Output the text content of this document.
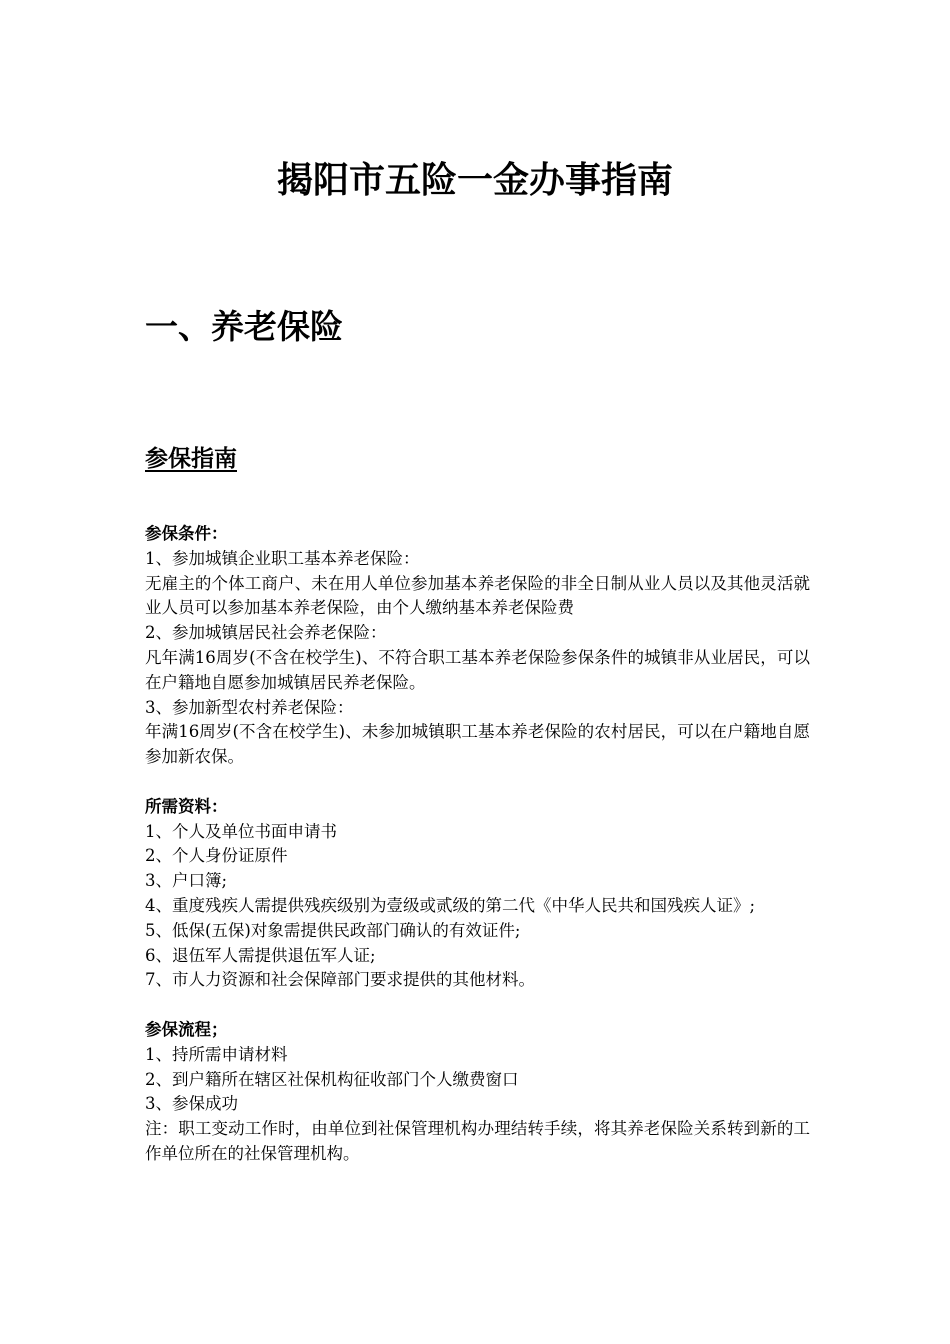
揭阳市五险一金办事指南
一、养老保险
参保指南

参保条件：

1、参加城镇企业职工基本养老保险：

无雇主的个体工商户、未在用人单位参加基本养老保险的非全日制从业人员以及其他灵活就业人员可以参加基本养老保险，由个人缴纳基本养老保险费

2、参加城镇居民社会养老保险：

凡年满16周岁(不含在校学生)、不符合职工基本养老保险参保条件的城镇非从业居民，可以在户籍地自愿参加城镇居民养老保险。

3、参加新型农村养老保险：

年满16周岁(不含在校学生)、未参加城镇职工基本养老保险的农村居民，可以在户籍地自愿参加新农保。

所需资料：

1、个人及单位书面申请书

2、个人身份证原件

3、户口簿;

4、重度残疾人需提供残疾级别为壹级或贰级的第二代《中华人民共和国残疾人证》;

5、低保(五保)对象需提供民政部门确认的有效证件;

6、退伍军人需提供退伍军人证;

7、市人力资源和社会保障部门要求提供的其他材料。

参保流程；

1、持所需申请材料

2、到户籍所在辖区社保机构征收部门个人缴费窗口

3、参保成功

注：职工变动工作时，由单位到社保管理机构办理结转手续，将其养老保险关系转到新的工作单位所在的社保管理机构。
